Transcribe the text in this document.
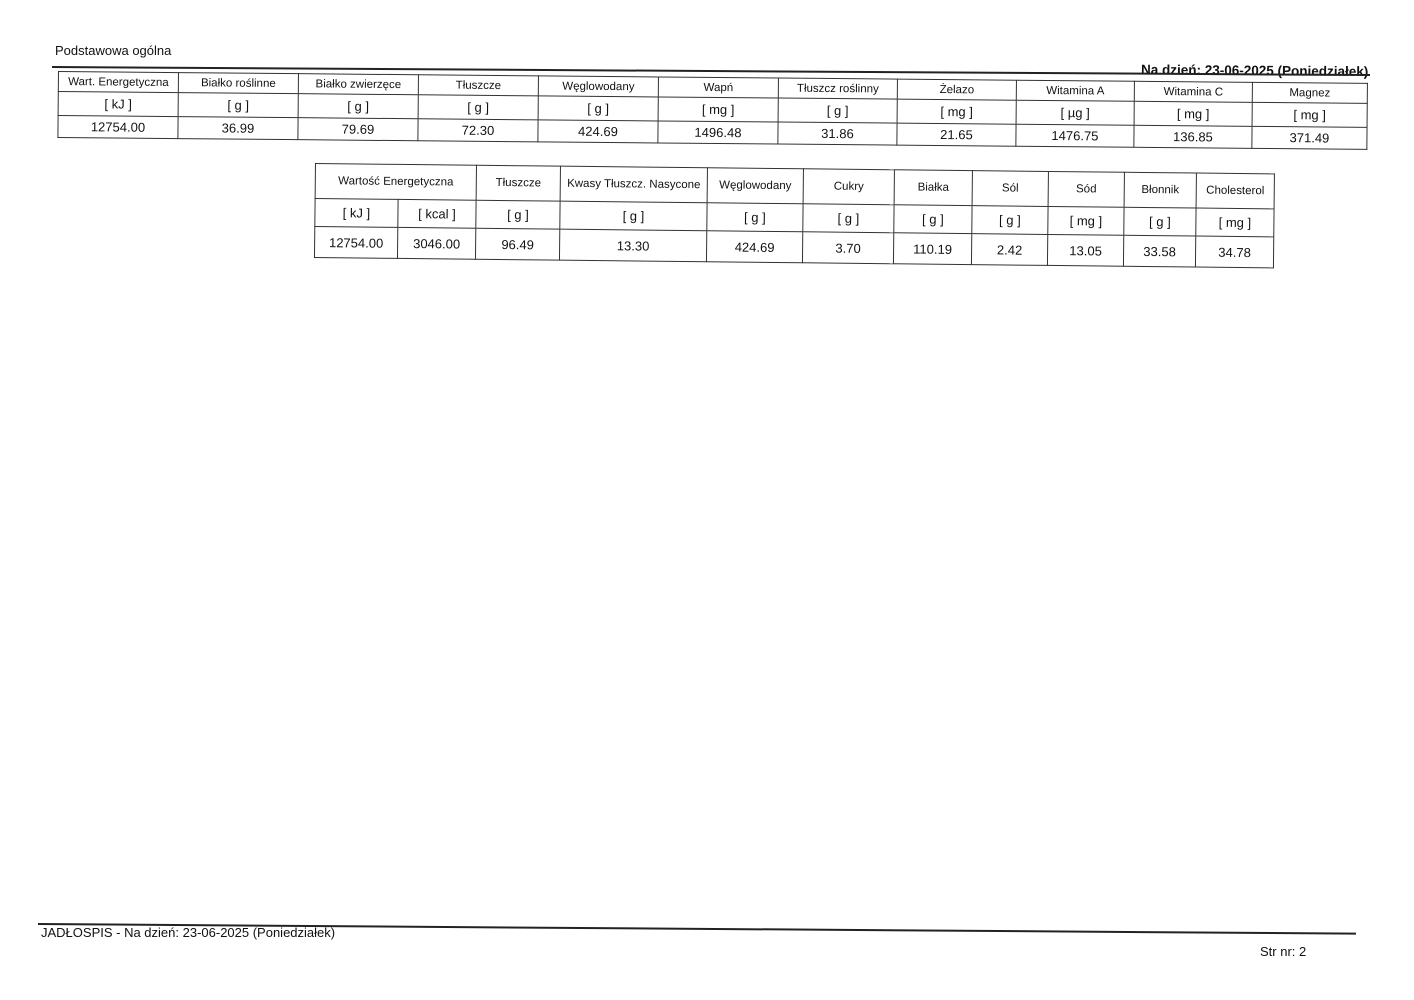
Podstawowa ogólna
Na dzień: 23-06-2025 (Poniedziałek)
Wart. Energetyczna	Białko roślinne	Białko zwierzęce	Tłuszcze	Węglowodany	Wapń	Tłuszcz roślinny	Żelazo	Witamina A	Witamina C	Magnez
[ kJ ]	[ g ]	[ g ]	[ g ]	[ g ]	[ mg ]	[ g ]	[ mg ]	[ µg ]	[ mg ]	[ mg ]
12754.00	36.99	79.69	72.30	424.69	1496.48	31.86	21.65	1476.75	136.85	371.49
Wartość Energetyczna		Tłuszcze	Kwasy Tłuszcz. Nasycone	Węglowodany	Cukry	Białka	Sól	Sód	Błonnik	Cholesterol
[ kJ ]	[ kcal ]	[ g ]	[ g ]	[ g ]	[ g ]	[ g ]	[ g ]	[ mg ]	[ g ]	[ mg ]
12754.00	3046.00	96.49	13.30	424.69	3.70	110.19	2.42	13.05	33.58	34.78
JADŁOSPIS - Na dzień: 23-06-2025 (Poniedziałek)
Str nr: 2
